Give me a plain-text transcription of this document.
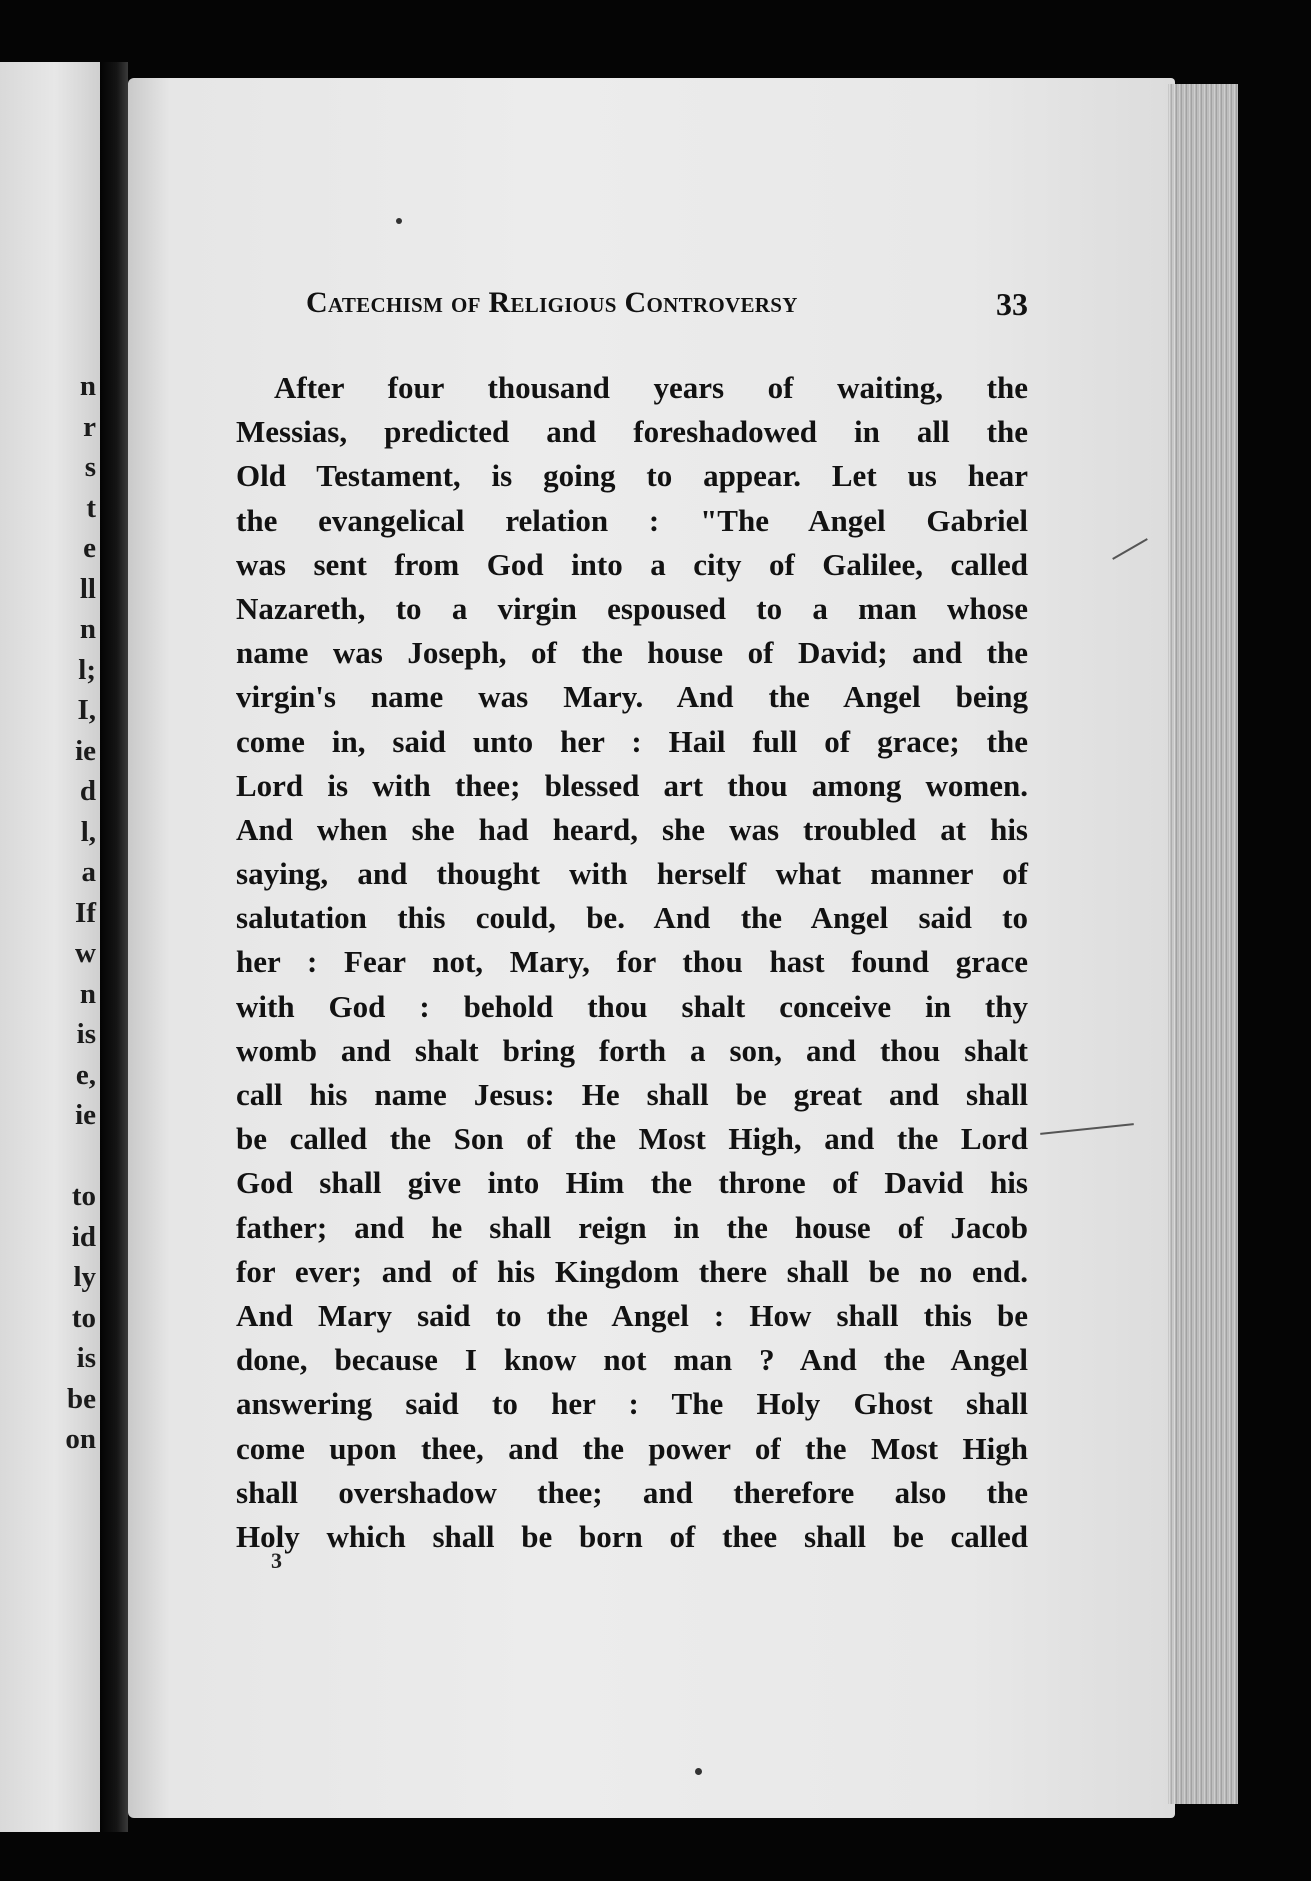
n
r
s
t
e
ll
n
l;
I,
ie
d
l,
a
If
w
n
is
e,
ie
to
id
ly
to
is
be
on
Catechism of Religious Controversy	33
After four thousand years of waiting, the
Messias, predicted and foreshadowed in all the
Old Testament, is going to appear. Let us hear
the evangelical relation : "The Angel Gabriel
was sent from God into a city of Galilee, called
Nazareth, to a virgin espoused to a man whose
name was Joseph, of the house of David; and the
virgin's name was Mary. And the Angel being
come in, said unto her : Hail full of grace; the
Lord is with thee; blessed art thou among women.
And when she had heard, she was troubled at his
saying, and thought with herself what manner of
salutation this could, be. And the Angel said to
her : Fear not, Mary, for thou hast found grace
with God : behold thou shalt conceive in thy
womb and shalt bring forth a son, and thou shalt
call his name Jesus: He shall be great and shall
be called the Son of the Most High, and the Lord
God shall give into Him the throne of David his
father; and he shall reign in the house of Jacob
for ever; and of his Kingdom there shall be no end.
And Mary said to the Angel : How shall this be
done, because I know not man ? And the Angel
answering said to her : The Holy Ghost shall
come upon thee, and the power of the Most High
shall overshadow thee; and therefore also the
Holy which shall be born of thee shall be called
3
